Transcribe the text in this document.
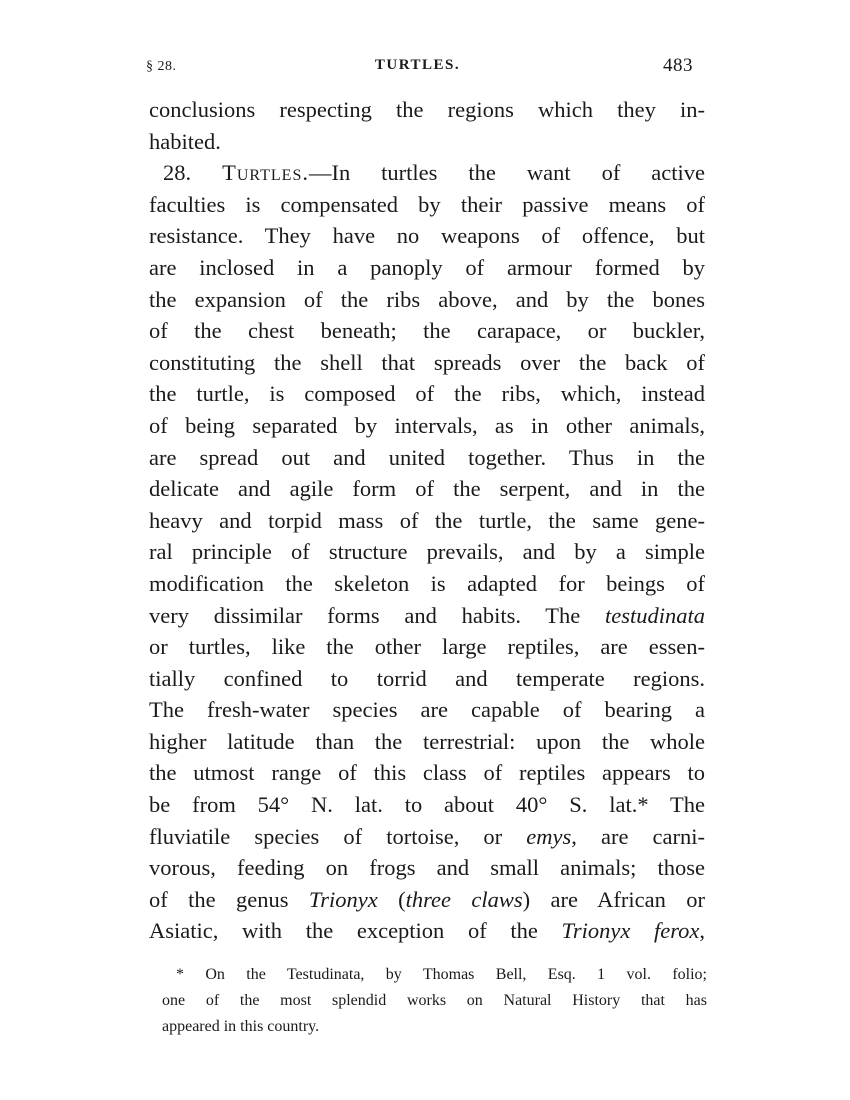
§ 28.	TURTLES.	483
conclusions respecting the regions which they in-
habited.
28. Turtles.—In turtles the want of active
faculties is compensated by their passive means of
resistance. They have no weapons of offence, but
are inclosed in a panoply of armour formed by
the expansion of the ribs above, and by the bones
of the chest beneath; the carapace, or buckler,
constituting the shell that spreads over the back of
the turtle, is composed of the ribs, which, instead
of being separated by intervals, as in other animals,
are spread out and united together. Thus in the
delicate and agile form of the serpent, and in the
heavy and torpid mass of the turtle, the same gene-
ral principle of structure prevails, and by a simple
modification the skeleton is adapted for beings of
very dissimilar forms and habits. The testudinata
or turtles, like the other large reptiles, are essen-
tially confined to torrid and temperate regions.
The fresh-water species are capable of bearing a
higher latitude than the terrestrial: upon the whole
the utmost range of this class of reptiles appears to
be from 54° N. lat. to about 40° S. lat.* The
fluviatile species of tortoise, or emys, are carni-
vorous, feeding on frogs and small animals; those
of the genus Trionyx (three claws) are African or
Asiatic, with the exception of the Trionyx ferox,
* On the Testudinata, by Thomas Bell, Esq. 1 vol. folio;
one of the most splendid works on Natural History that has
appeared in this country.
